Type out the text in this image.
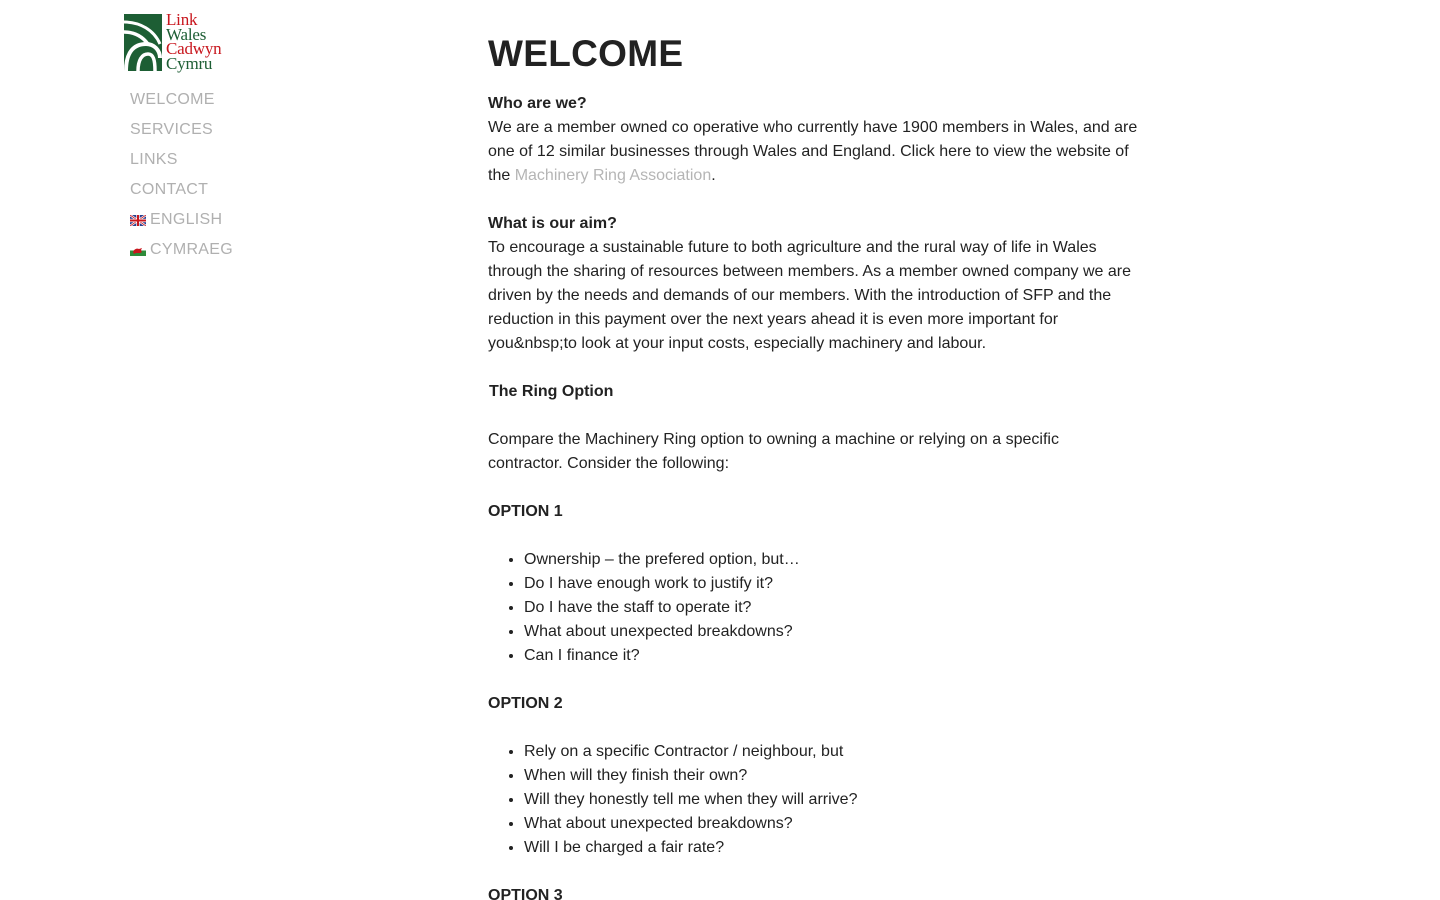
Link
Wales
Cadwyn
Cymru
WELCOME
SERVICES
LINKS
CONTACT
ENGLISH
CYMRAEG
WELCOME
Who are we?

We are a member owned co operative who currently have 1900 members in Wales, and are one of 12 similar businesses through Wales and England. Click here to view the website of the Machinery Ring Association.

What is our aim?

To encourage a sustainable future to both agriculture and the rural way of life in Wales through the sharing of resources between members. As a member owned company we are driven by the needs and demands of our members. With the introduction of SFP and the reduction in this payment over the next years ahead it is even more important for you&nbsp;to look at your input costs, especially machinery and labour.

The Ring Option

Compare the Machinery Ring option to owning a machine or relying on a specific contractor. Consider the following:

OPTION 1
• Ownership – the prefered option, but…
• Do I have enough work to justify it?
• Do I have the staff to operate it?
• What about unexpected breakdowns?
• Can I finance it?
OPTION 2
• Rely on a specific Contractor / neighbour, but
• When will they finish their own?
• Will they honestly tell me when they will arrive?
• What about unexpected breakdowns?
• Will I be charged a fair rate?
OPTION 3
